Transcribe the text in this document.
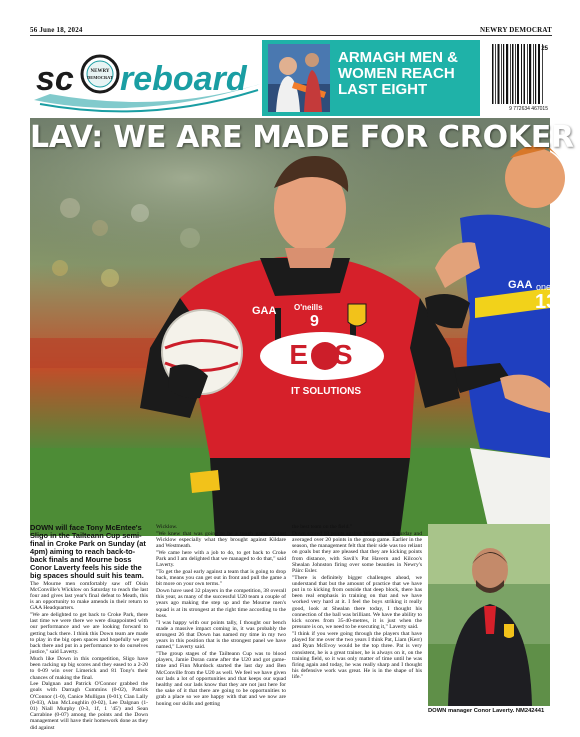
56 June 18, 2024	NEWRY DEMOCRAT
sc	NEWRY
DEMOCRAT reboard
ARMAGH MEN & WOMEN REACH LAST EIGHT
9 772634 467015
25
13
GAA one
EOS
IT SOLUTIONS
GAA O'neills
9
LAV: WE ARE MADE FOR CROKER

DOWN will face Tony McEntee's Sligo in the Tailteann Cup semi-final in Croke Park on Sunday (at 4pm) aiming to reach back-to-back finals and Mourne boss Conor Laverty feels his side the big spaces should suit his team.

The Mourne men comfortably saw off Oisín McConville's Wicklow on Saturday to reach the last four and gives last year's final defeat to Meath, this is an opportunity to make amends in their return to GAA Headquarters.

"We are delighted to get back to Croke Park, there last time we were there we were disappointed with our performance and we are looking forward to getting back there. I think this Down team are made to play in the big open spaces and hopefully we get back there and put in a performance to do ourselves justice," said Laverty.

Much like Down in this competition, Sligo have been racking up big scores and they eased to a 2-20 to 0-09 win over Limerick and 81 Tony's their chances of making the final.

Lee Dalgnan and Patrick O'Connor grabbed the goals with Darragh Cummins (0-02), Patrick O'Connor (1-0), Canice Mulligan (0-01); Cian Lally (0-03), Alan McLoughlin (0-02), Lee Dalgnan (1-01) Niall Murphy (0-3, 1f, 1 '45') and Sean Carrabine (0-07) among the points and the Down management will have their homework done as they did against

Wicklow.

"We knew that was going to be a tough game against Wicklow especially what they brought against Kildare and Westmeath.

"We came here with a job to do, to get back to Croke Park and I am delighted that we managed to do that," said Laverty.

"To get the goal early against a team that is going to drop back, means you can get out in front and pull the game a bit more on your own terms."

Down have used 32 players in the competition, 38 overall this year, as many of the successful U20 team a couple of years ago making the step up and the Mourne men's squad is at its strongest at the right time according to the boss.

"I was happy with our points tally, I thought our bench made a massive impact coming in, it was probably the strongest 26 that Down has named my time in my two years in this position that is the strongest panel we have named," Laverty said.

"The group stages of the Tailteann Cup was to blood players, Jamie Doran came after the U20 and got game-time and Finn Murdock started the last day and Ben McConville from the U20 as well. We feel we have given our lads a lot of opportunities and that keeps our squad healthy and our lads know that they are not just here for the sake of it that there are going to be opportunities to grab a place so we are happy with that and we now are honing our skills and getting

the best team on the field."

Down scored 18 points against Wicklow on Saturday and averaged over 20 points in the group game. Earlier in the season, the management felt that their side was too reliant on goals but they are pleased that they are kicking points from distance, with Savil's Pat Havern and Kilcoo's Shealan Johnston firing over some beauties in Newry's Páirc Esler.

"There is definitely bigger challenges ahead, we understand that but the amount of practice that we have put in to kicking from outside that deep block, there has been real emphasis in training on that and we have worked very hard at it. I feel the boys striking it really good, look at Shealan there today, I thought his connection of the ball was brilliant. We have the ability to kick scores from 35-40-metres, it is just when the pressure is on, we need to be executing it," Laverty said.

"I think if you were going through the players that have played for me over the two years I think Pat, Liam (Kerr) and Ryan McEvoy would be the top three. Pat is very consistent, he is a great trainer, he is always on it, on the training field, so it was only matter of time until he was firing again and today, he was really sharp and I thought his defensive work was great. He is in the shape of his life."

DOWN manager Conor Laverty. NM242441
